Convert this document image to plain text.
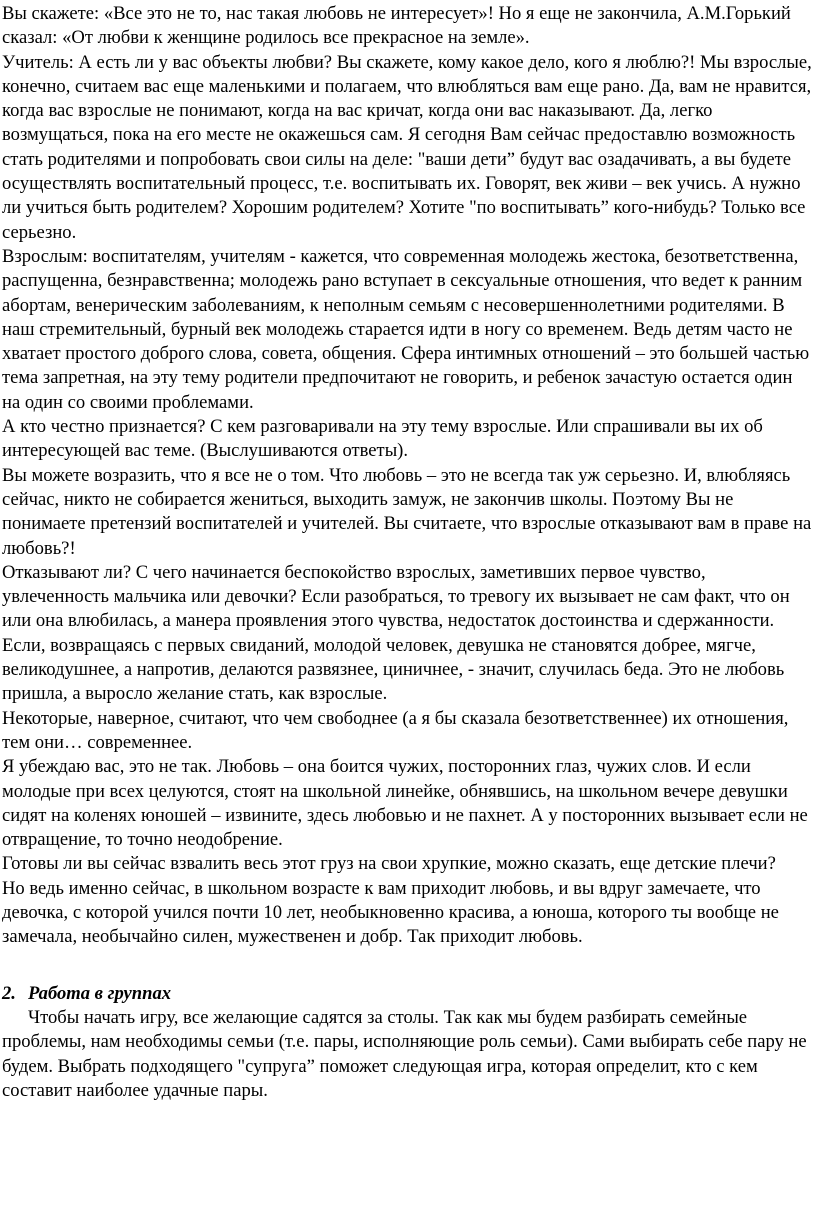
Вы скажете: «Все это не то, нас такая любовь не интересует»! Но я еще не закончила, А.М.Горький сказал: «От любви к женщине родилось все прекрасное на земле».

Учитель: А есть ли у вас объекты любви? Вы скажете, кому какое дело, кого я люблю?! Мы взрослые, конечно, считаем вас еще маленькими и полагаем, что влюбляться вам еще рано. Да, вам не нравится, когда вас взрослые не понимают, когда на вас кричат, когда они вас наказывают. Да, легко возмущаться, пока на его месте не окажешься сам. Я сегодня Вам сейчас предоставлю возможность стать родителями и попробовать свои силы на деле: "ваши дети” будут вас озадачивать, а вы будете осуществлять воспитательный процесс, т.е. воспитывать их. Говорят, век живи – век учись. А нужно ли учиться быть родителем? Хорошим родителем? Хотите "по воспитывать” кого-нибудь? Только все серьезно.

Взрослым: воспитателям, учителям - кажется, что современная молодежь жестока, безответственна, распущенна, безнравственна; молодежь рано вступает в сексуальные отношения, что ведет к ранним абортам, венерическим заболеваниям, к неполным семьям с несовершеннолетними родителями. В наш стремительный, бурный век молодежь старается идти в ногу со временем. Ведь детям часто не хватает простого доброго слова, совета, общения. Сфера интимных отношений – это большей частью тема запретная, на эту тему родители предпочитают не говорить, и ребенок зачастую остается один на один со своими проблемами.

А кто честно признается? С кем разговаривали на эту тему взрослые. Или спрашивали вы их об интересующей вас теме. (Выслушиваются ответы).

Вы можете возразить, что я все не о том. Что любовь – это не всегда так уж серьезно. И, влюбляясь сейчас, никто не собирается жениться, выходить замуж, не закончив школы. Поэтому Вы не понимаете претензий воспитателей и учителей. Вы считаете, что взрослые отказывают вам в праве на любовь?!

Отказывают ли? С чего начинается беспокойство взрослых, заметивших первое чувство, увлеченность мальчика или девочки? Если разобраться, то тревогу их вызывает не сам факт, что он или она влюбилась, а манера проявления этого чувства, недостаток достоинства и сдержанности. Если, возвращаясь с первых свиданий, молодой человек, девушка не становятся добрее, мягче, великодушнее, а напротив, делаются развязнее, циничнее, - значит, случилась беда. Это не любовь пришла, а выросло желание стать, как взрослые.

Некоторые, наверное, считают, что чем свободнее (а я бы сказала безответственнее) их отношения, тем они… современнее.

Я убеждаю вас, это не так. Любовь – она боится чужих, посторонних глаз, чужих слов. И если молодые при всех целуются, стоят на школьной линейке, обнявшись, на школьном вечере девушки сидят на коленях юношей – извините, здесь любовью и не пахнет. А у посторонних вызывает если не отвращение, то точно неодобрение.

Готовы ли вы сейчас взвалить весь этот груз на свои хрупкие, можно сказать, еще детские плечи?

Но ведь именно сейчас, в школьном возрасте к вам приходит любовь, и вы вдруг замечаете, что девочка, с которой учился почти 10 лет, необыкновенно красива, а юноша, которого ты вообще не замечала, необычайно силен, мужественен и добр. Так приходит любовь.

2. Работа в группах

Чтобы начать игру, все желающие садятся за столы. Так как мы будем разбирать семейные проблемы, нам необходимы семьи (т.е. пары, исполняющие роль семьи). Сами выбирать себе пару не будем. Выбрать подходящего "супруга” поможет следующая игра, которая определит, кто с кем составит наиболее удачные пары.
